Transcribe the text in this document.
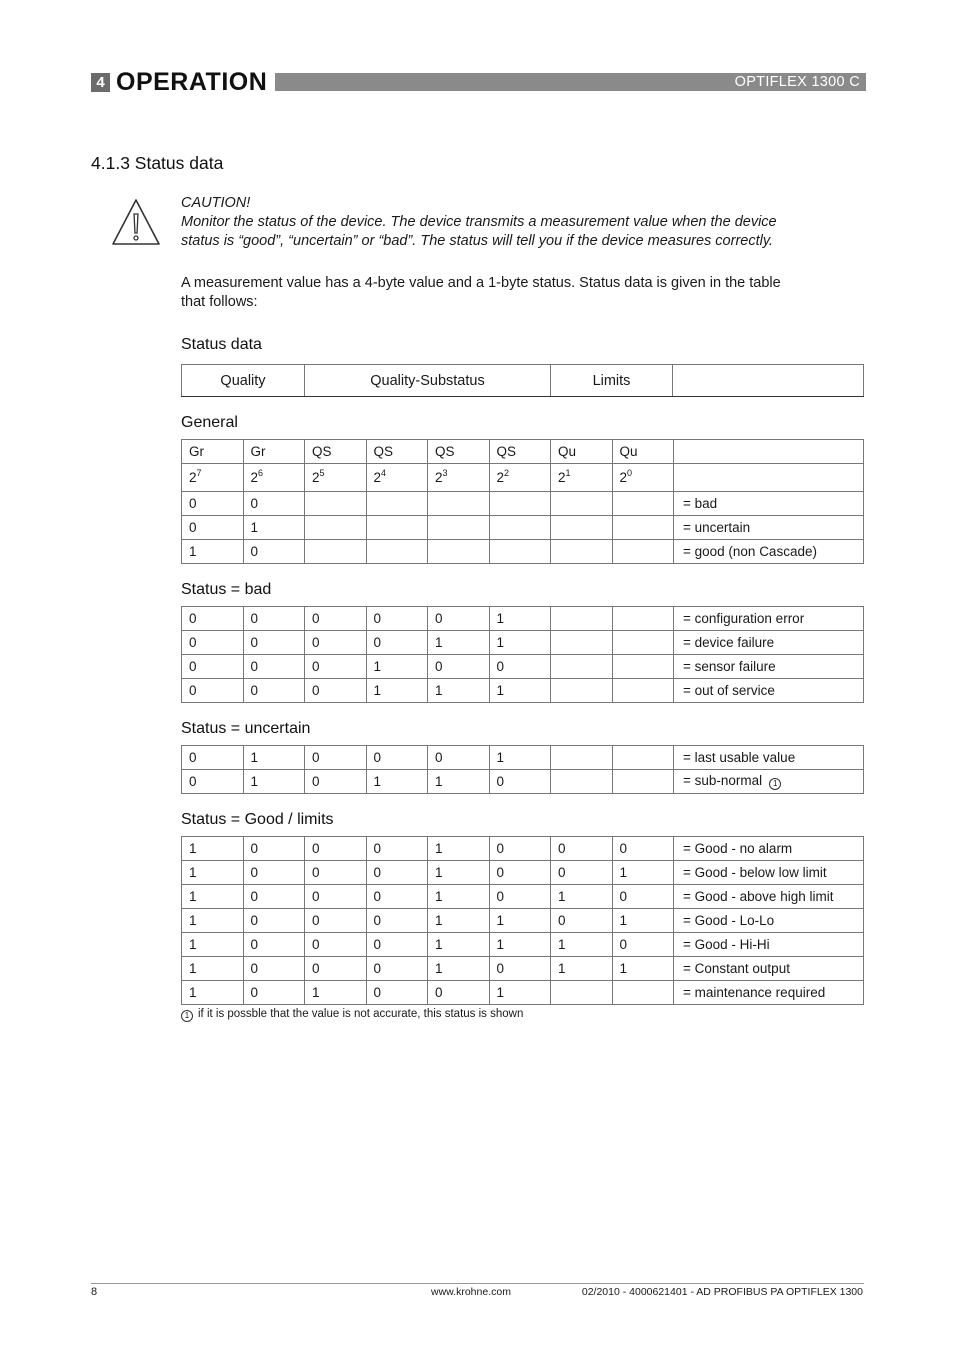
4 OPERATION	OPTIFLEX 1300 C
4.1.3 Status data
CAUTION!
Monitor the status of the device. The device transmits a measurement value when the device
status is “good”, “uncertain” or “bad”. The status will tell you if the device measures correctly.
A measurement value has a 4-byte value and a 1-byte status. Status data is given in the table
that follows:
Status data
Quality	Quality-Substatus	Limits	
General
Gr	Gr	QS	QS	QS	QS	Qu	Qu	
$2^7$	$2^6$	$2^5$	$2^4$	$2^3$	$2^2$	$2^1$	$2^0$	
0	0							= bad
0	1							= uncertain
1	0							= good (non Cascade)
Status = bad
0	0	0	0	0	1			= configuration error
0	0	0	0	1	1			= device failure
0	0	0	1	0	0			= sensor failure
0	0	0	1	1	1			= out of service
Status = uncertain
0	1	0	0	0	1			= last usable value
0	1	0	1	1	0			= sub-normal 1
Status = Good / limits
1	0	0	0	1	0	0	0	= Good - no alarm
1	0	0	0	1	0	0	1	= Good - below low limit
1	0	0	0	1	0	1	0	= Good - above high limit
1	0	0	0	1	1	0	1	= Good - Lo-Lo
1	0	0	0	1	1	1	0	= Good - Hi-Hi
1	0	0	0	1	0	1	1	= Constant output
1	0	1	0	0	1			= maintenance required
1 if it is possble that the value is not accurate, this status is shown
8	www.krohne.com	02/2010 - 4000621401 - AD PROFIBUS PA OPTIFLEX 1300
